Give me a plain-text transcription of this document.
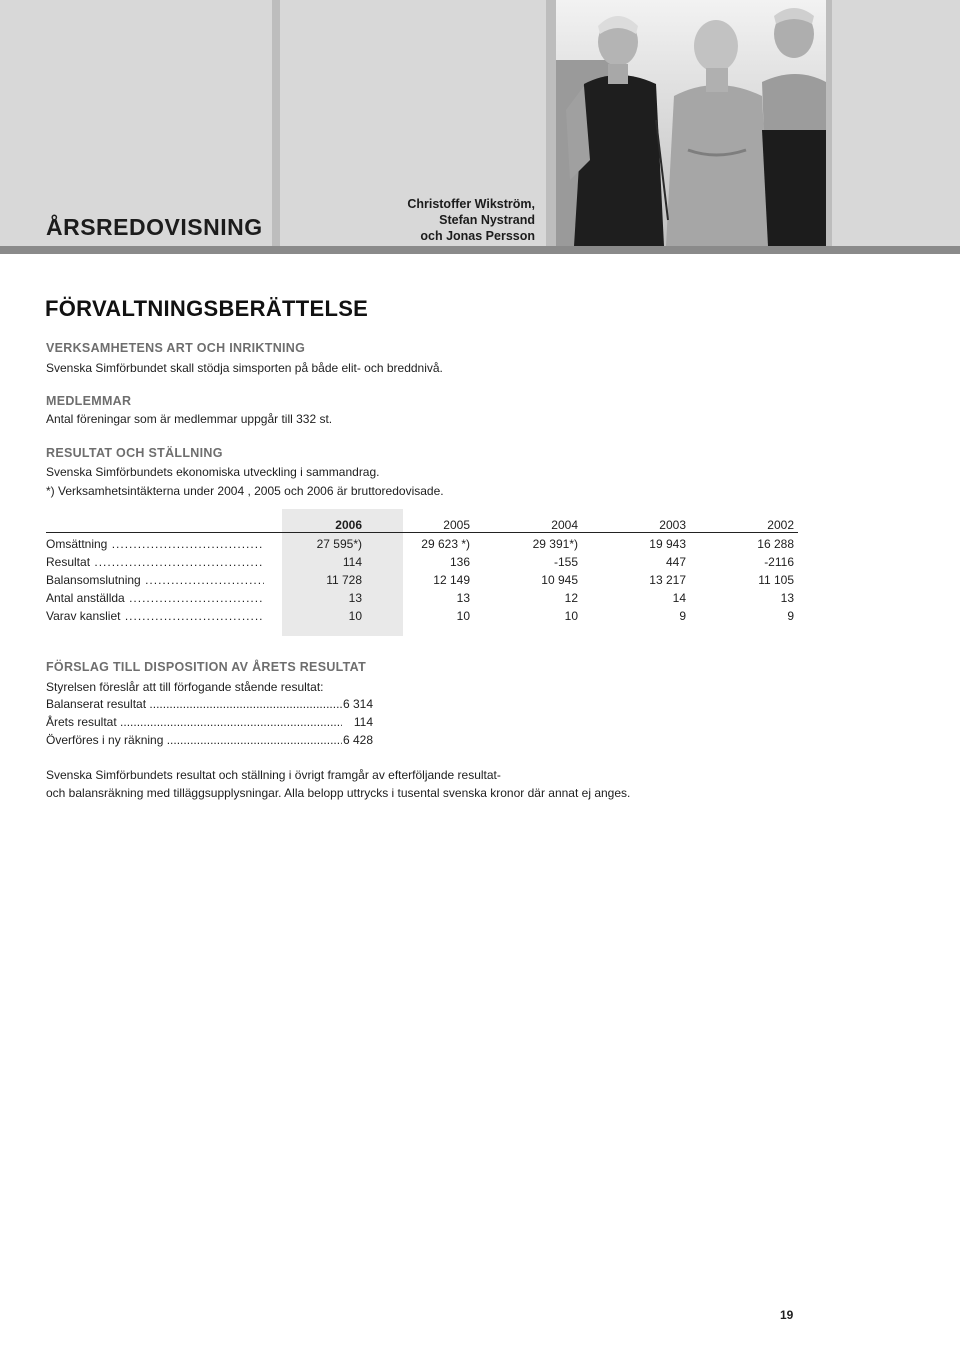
ÅRSREDOVISNING
Christoffer Wikström,
Stefan Nystrand
och Jonas Persson
FÖRVALTNINGSBERÄTTELSE
VERKSAMHETENS ART OCH INRIKTNING
Svenska Simförbundet skall stödja simsporten på både elit- och breddnivå.
MEDLEMMAR
Antal föreningar som är medlemmar uppgår till 332 st.
RESULTAT OCH STÄLLNING
Svenska Simförbundets ekonomiska utveckling i sammandrag.
*) Verksamhetsintäkterna under 2004 , 2005 och 2006 är bruttoredovisade.
2006	2005	2004	2003	2002
Omsättning .....	27 595*)	29 623 *)	29 391*)	19 943	16 288
Resultat .....	114	136	-155	447	-2116
Balansomslutning .....	11 728	12 149	10 945	13 217	11 105
Antal anställda .....	13	13	12	14	13
Varav kansliet .....	10	10	10	9	9
FÖRSLAG TILL DISPOSITION AV ÅRETS RESULTAT
Styrelsen föreslår att till förfogande stående resultat:
Balanserat resultat .....	6 314
Årets resultat .....	114
Överföres i ny räkning .....	6 428
Svenska Simförbundets resultat och ställning i övrigt framgår av efterföljande resultat-
och balansräkning med tilläggsupplysningar. Alla belopp uttrycks i tusental svenska kronor där annat ej anges.
19
